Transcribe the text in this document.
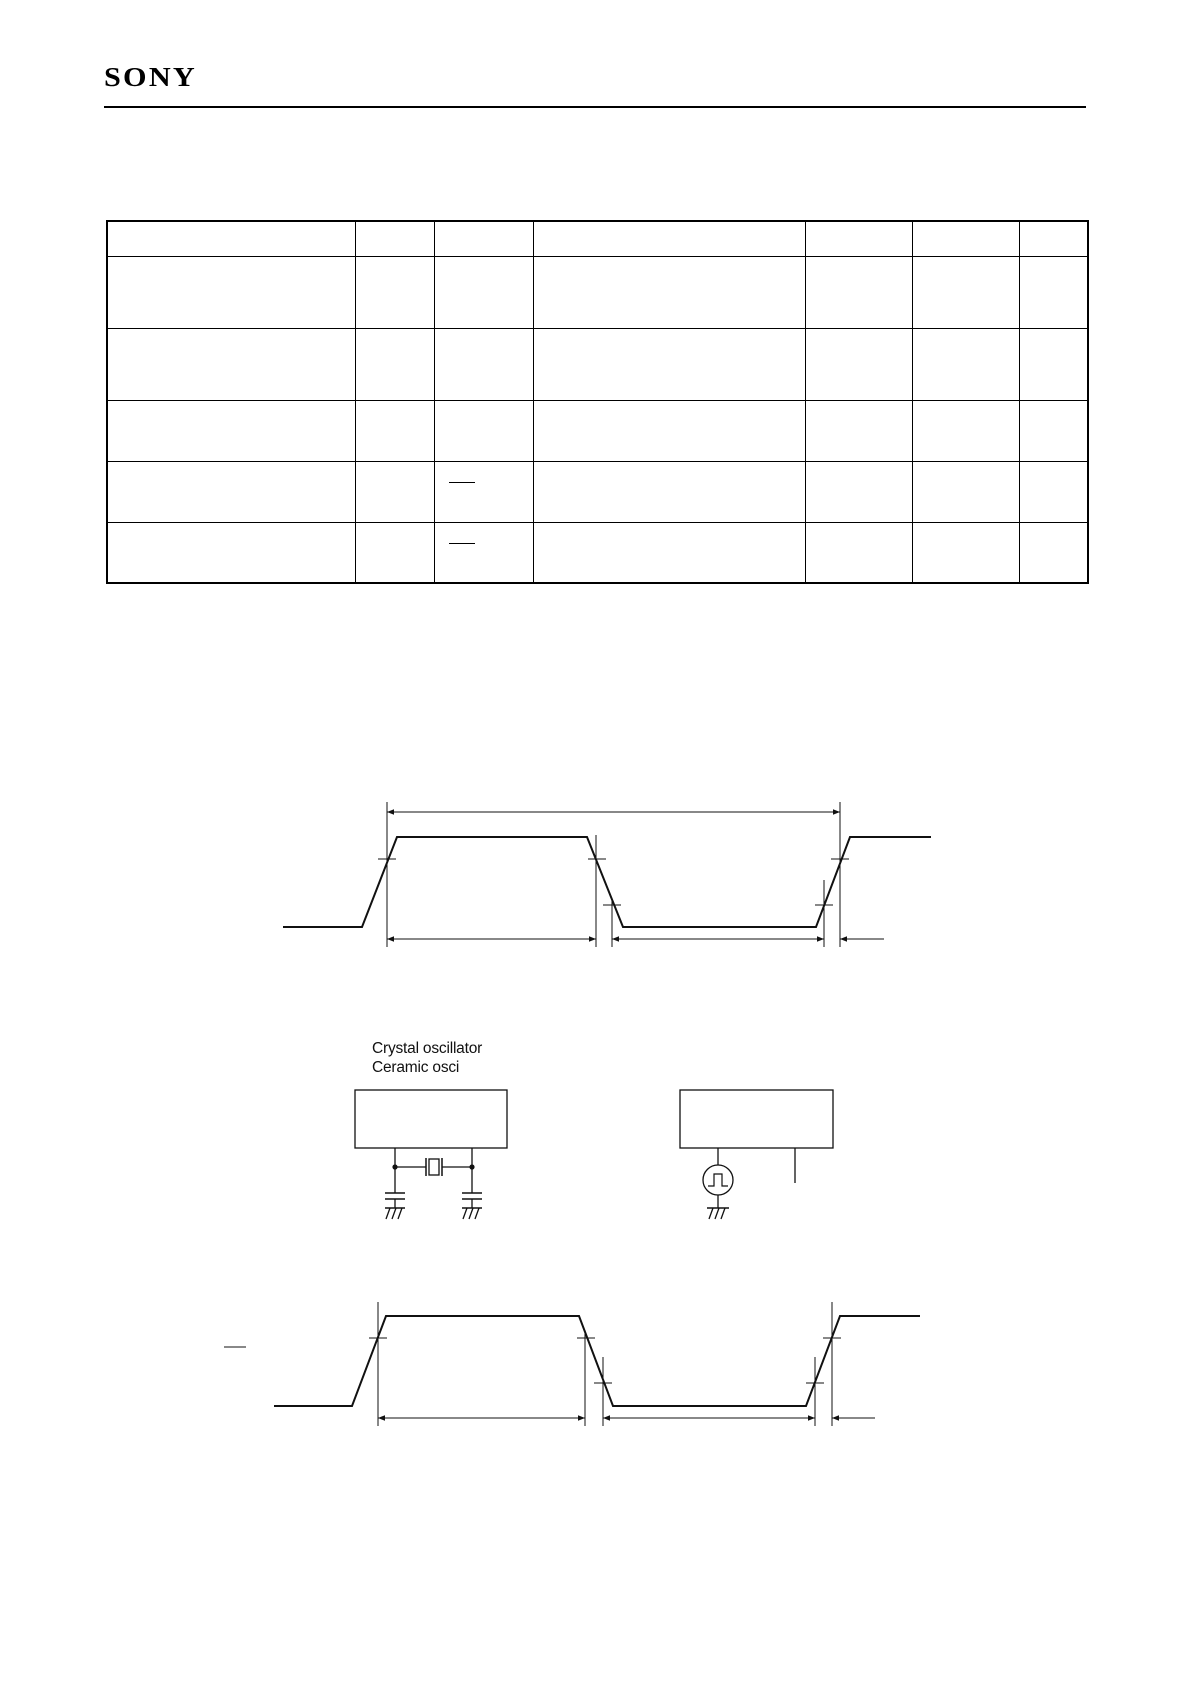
SONY

Crystal oscillator
Ceramic osci
